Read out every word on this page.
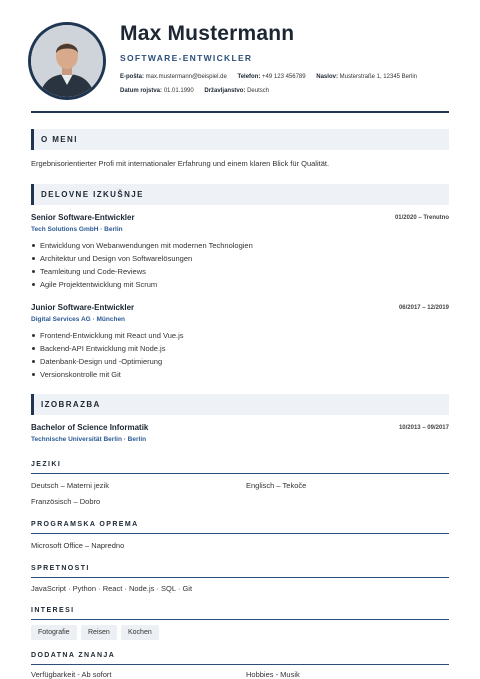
Max Mustermann
SOFTWARE-ENTWICKLER
E-pošta: max.mustermann@beispiel.de Telefon: +49 123 456789 Naslov: Musterstraße 1, 12345 Berlin
Datum rojstva: 01.01.1990 Državljanstvo: Deutsch
O MENI
Ergebnisorientierter Profi mit internationaler Erfahrung und einem klaren Blick für Qualität.
DELOVNE IZKUŠNJE
Senior Software-Entwickler	01/2020 – Trenutno
Tech Solutions GmbH · Berlin
Entwicklung von Webanwendungen mit modernen Technologien
Architektur und Design von Softwarelösungen
Teamleitung und Code-Reviews
Agile Projektentwicklung mit Scrum
Junior Software-Entwickler	06/2017 – 12/2019
Digital Services AG · München
Frontend-Entwicklung mit React und Vue.js
Backend-API Entwicklung mit Node.js
Datenbank-Design und -Optimierung
Versionskontrolle mit Git
IZOBRAZBA
Bachelor of Science Informatik	10/2013 – 09/2017
Technische Universität Berlin · Berlin
JEZIKI
Deutsch – Materni jezik	Englisch – Tekoče
Französisch – Dobro
PROGRAMSKA OPREMA
Microsoft Office – Napredno
SPRETNOSTI
JavaScript · Python · React · Node.js · SQL · Git
INTERESI
Fotografie	Reisen	Kochen
DODATNA ZNANJA
Verfügbarkeit - Ab sofort	Hobbies - Musik
